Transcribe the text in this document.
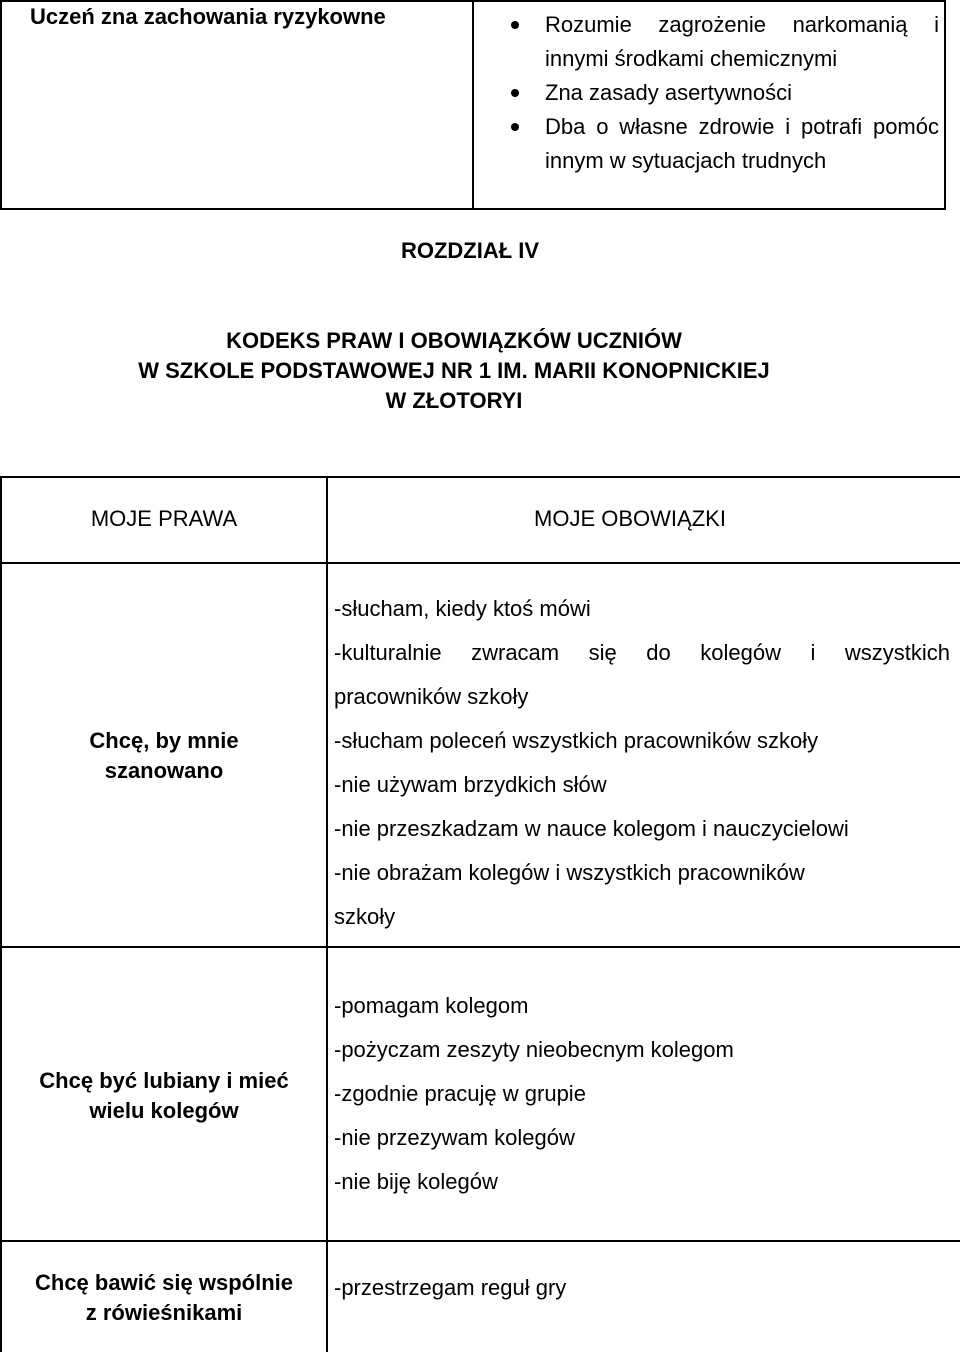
Uczeń zna zachowania ryzykowne	Rozumie zagrożenie narkomanią i innymi środkami chemicznymi
Zna zasady asertywności
Dba o własne zdrowie i potrafi pomóc innym w sytuacjach trudnych
ROZDZIAŁ IV
KODEKS PRAW I OBOWIĄZKÓW UCZNIÓW
W SZKOLE PODSTAWOWEJ NR 1 IM. MARII KONOPNICKIEJ
W ZŁOTORYI
MOJE PRAWA	MOJE OBOWIĄZKI
Chcę, by mnie
szanowano
-słucham, kiedy ktoś mówi
-kulturalnie zwracam się do kolegów i wszystkich
pracowników szkoły
-słucham poleceń wszystkich pracowników szkoły
-nie używam brzydkich słów
-nie przeszkadzam w nauce kolegom i nauczycielowi
-nie obrażam kolegów i wszystkich pracowników
szkoły
Chcę być lubiany i mieć
wielu kolegów
-pomagam kolegom
-pożyczam zeszyty nieobecnym kolegom
-zgodnie pracuję w grupie
-nie przezywam kolegów
-nie biję kolegów
Chcę bawić się wspólnie
z rówieśnikami
-przestrzegam reguł gry
